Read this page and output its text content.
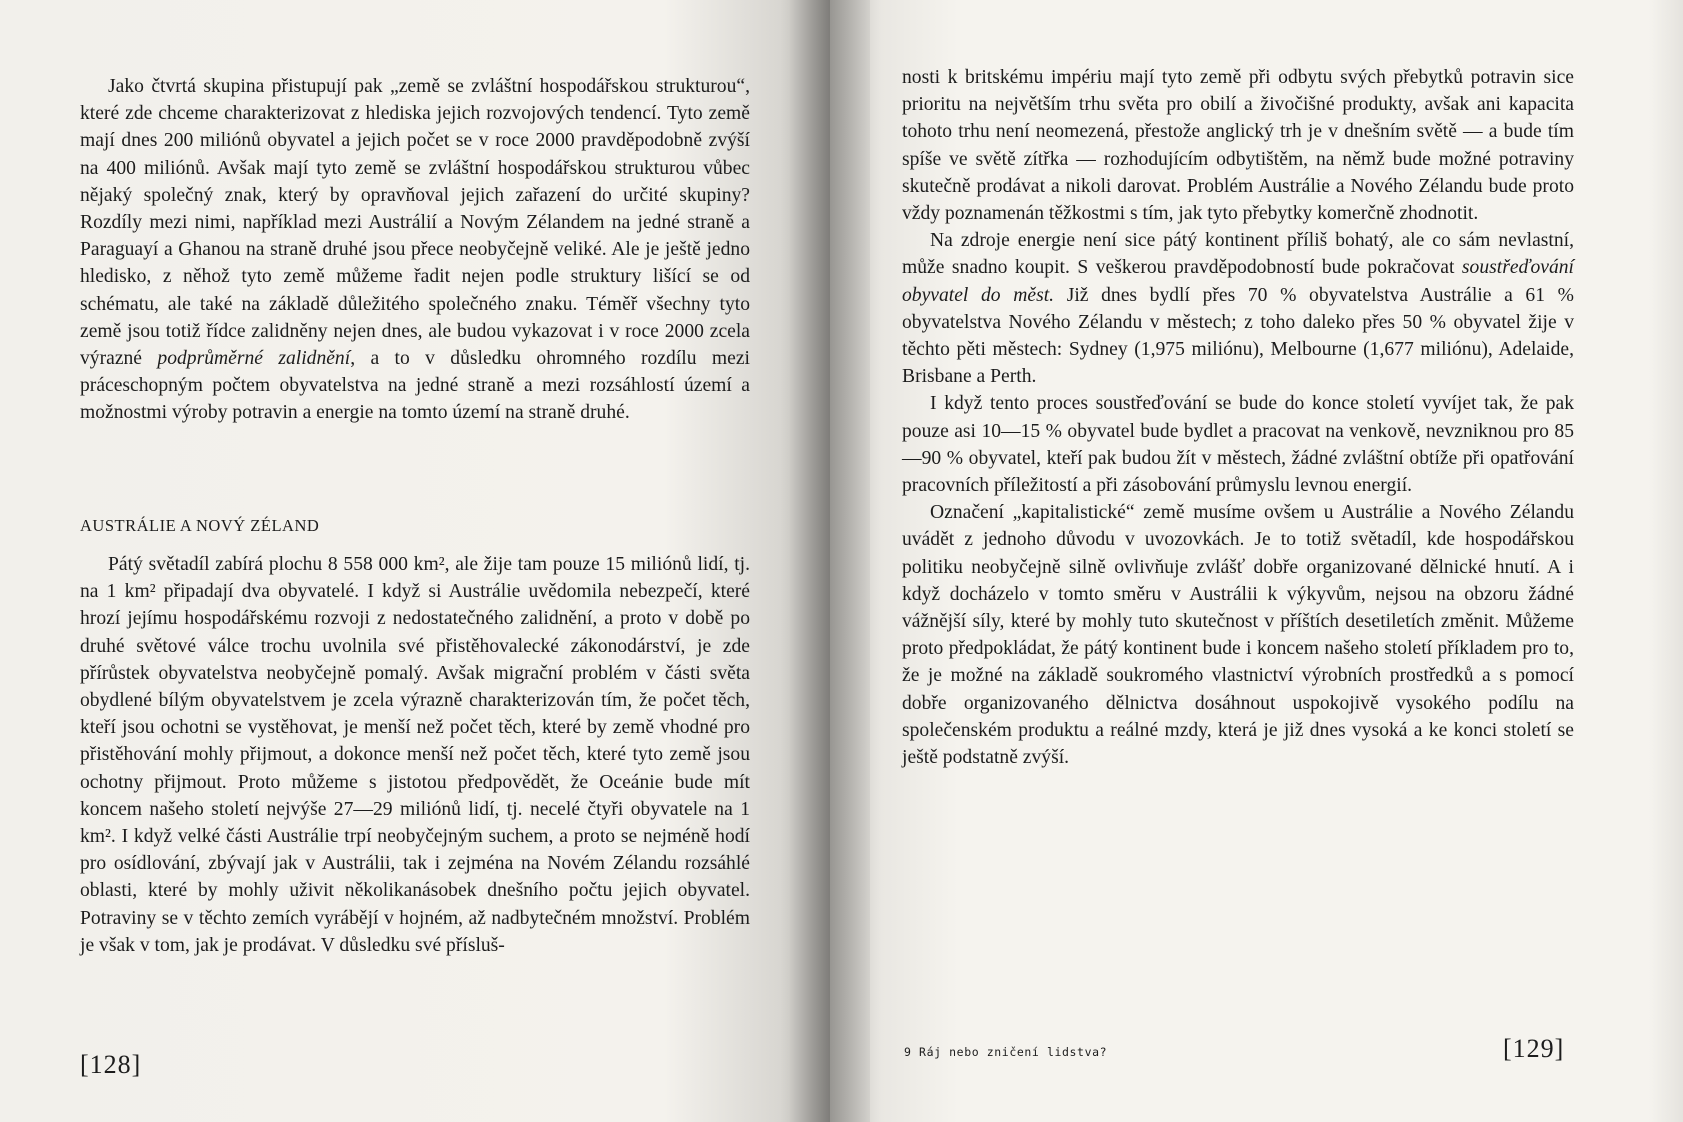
Jako čtvrtá skupina přistupují pak „země se zvláštní hospodářskou strukturou“, které zde chceme charakterizovat z hlediska jejich rozvojových tendencí. Tyto země mají dnes 200 miliónů obyvatel a jejich počet se v roce 2000 pravděpodobně zvýší na 400 miliónů. Avšak mají tyto země se zvláštní hospodářskou strukturou vůbec nějaký společný znak, který by opravňoval jejich zařazení do určité skupiny? Rozdíly mezi nimi, například mezi Austrálií a Novým Zélandem na jedné straně a Paraguayí a Ghanou na straně druhé jsou přece neobyčejně veliké. Ale je ještě jedno hledisko, z něhož tyto země můžeme řadit nejen podle struktury lišící se od schématu, ale také na základě důležitého společného znaku. Téměř všechny tyto země jsou totiž řídce zalidněny nejen dnes, ale budou vykazovat i v roce 2000 zcela výrazné podprůměrné zalidnění, a to v důsledku ohromného rozdílu mezi práceschopným počtem obyvatelstva na jedné straně a mezi rozsáhlostí území a možnostmi výroby potravin a energie na tomto území na straně druhé.

AUSTRÁLIE A NOVÝ ZÉLAND

Pátý světadíl zabírá plochu 8 558 000 km², ale žije tam pouze 15 miliónů lidí, tj. na 1 km² připadají dva obyvatelé. I když si Austrálie uvědomila nebezpečí, které hrozí jejímu hospodářskému rozvoji z nedostatečného zalidnění, a proto v době po druhé světové válce trochu uvolnila své přistěhovalecké zákonodárství, je zde přírůstek obyvatelstva neobyčejně pomalý. Avšak migrační problém v části světa obydlené bílým obyvatelstvem je zcela výrazně charakterizován tím, že počet těch, kteří jsou ochotni se vystěhovat, je menší než počet těch, které by země vhodné pro přistěhování mohly přijmout, a dokonce menší než počet těch, které tyto země jsou ochotny přijmout. Proto můžeme s jistotou předpovědět, že Oceánie bude mít koncem našeho století nejvýše 27—29 miliónů lidí, tj. necelé čtyři obyvatele na 1 km². I když velké části Austrálie trpí neobyčejným suchem, a proto se nejméně hodí pro osídlování, zbývají jak v Austrálii, tak i zejména na Novém Zélandu rozsáhlé oblasti, které by mohly uživit několikanásobek dnešního počtu jejich obyvatel. Potraviny se v těchto zemích vyrábějí v hojném, až nadbytečném množství. Problém je však v tom, jak je prodávat. V důsledku své přísluš-

[128]

nosti k britskému impériu mají tyto země při odbytu svých přebytků potravin sice prioritu na největším trhu světa pro obilí a živočišné produkty, avšak ani kapacita tohoto trhu není neomezená, přestože anglický trh je v dnešním světě — a bude tím spíše ve světě zítřka — rozhodujícím odbytištěm, na němž bude možné potraviny skutečně prodávat a nikoli darovat. Problém Austrálie a Nového Zélandu bude proto vždy poznamenán těžkostmi s tím, jak tyto přebytky komerčně zhodnotit.

Na zdroje energie není sice pátý kontinent příliš bohatý, ale co sám nevlastní, může snadno koupit. S veškerou pravděpodobností bude pokračovat soustřeďování obyvatel do měst. Již dnes bydlí přes 70 % obyvatelstva Austrálie a 61 % obyvatelstva Nového Zélandu v městech; z toho daleko přes 50 % obyvatel žije v těchto pěti městech: Sydney (1,975 miliónu), Melbourne (1,677 miliónu), Adelaide, Brisbane a Perth.

I když tento proces soustřeďování se bude do konce století vyvíjet tak, že pak pouze asi 10—15 % obyvatel bude bydlet a pracovat na venkově, nevzniknou pro 85—90 % obyvatel, kteří pak budou žít v městech, žádné zvláštní obtíže při opatřování pracovních příležitostí a při zásobování průmyslu levnou energií.

Označení „kapitalistické“ země musíme ovšem u Austrálie a Nového Zélandu uvádět z jednoho důvodu v uvozovkách. Je to totiž světadíl, kde hospodářskou politiku neobyčejně silně ovlivňuje zvlášť dobře organizované dělnické hnutí. A i když docházelo v tomto směru v Austrálii k výkyvům, nejsou na obzoru žádné vážnější síly, které by mohly tuto skutečnost v příštích desetiletích změnit. Můžeme proto předpokládat, že pátý kontinent bude i koncem našeho století příkladem pro to, že je možné na základě soukromého vlastnictví výrobních prostředků a s pomocí dobře organizovaného dělnictva dosáhnout uspokojivě vysokého podílu na společenském produktu a reálné mzdy, která je již dnes vysoká a ke konci století se ještě podstatně zvýší.

9 Ráj nebo zničení lidstva?	[129]
